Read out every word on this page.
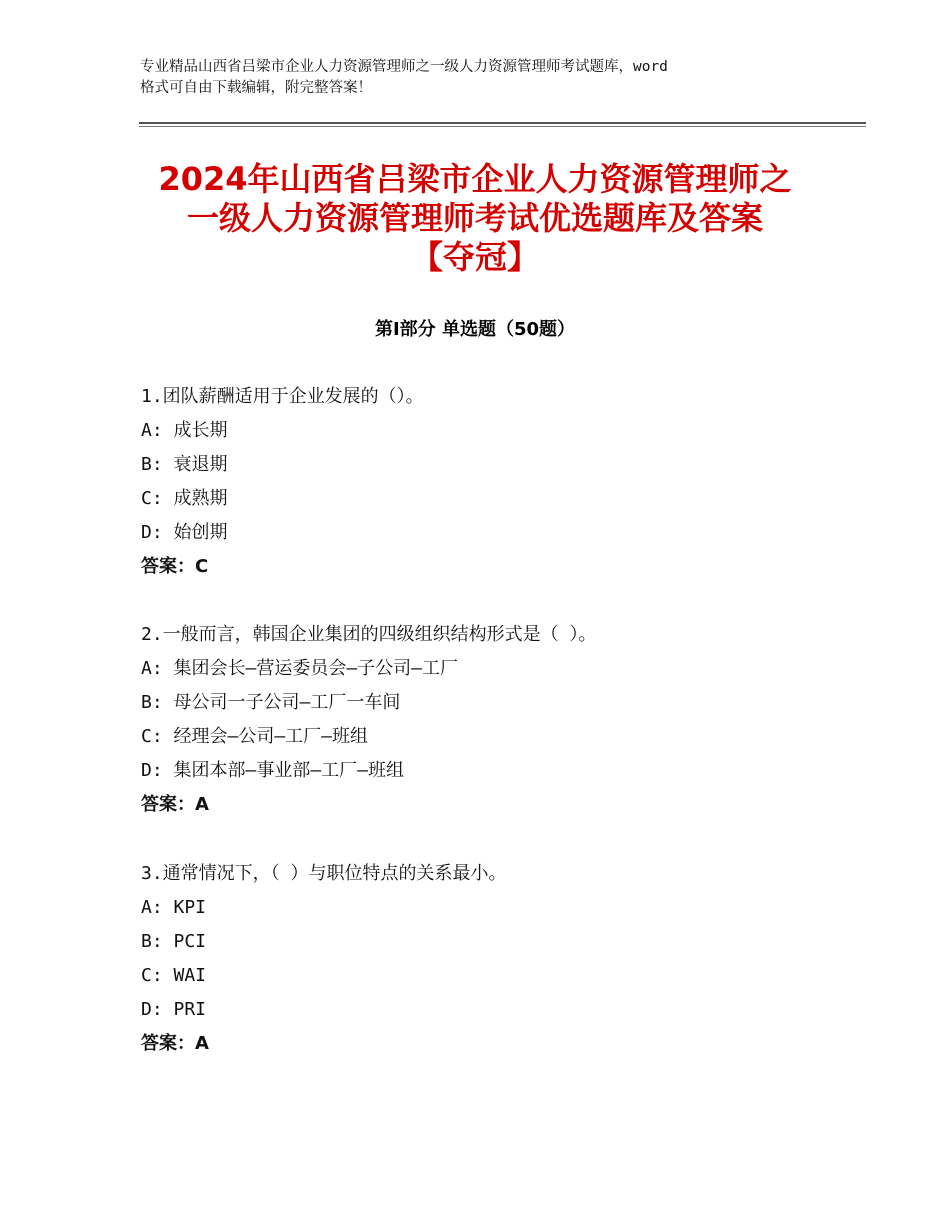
专业精品山西省吕梁市企业人力资源管理师之一级人力资源管理师考试题库，word
格式可自由下载编辑，附完整答案！
2024年山西省吕梁市企业人力资源管理师之
一级人力资源管理师考试优选题库及答案
【夺冠】
第Ⅰ部分 单选题（50题）
1.团队薪酬适用于企业发展的（）。
A: 成长期
B: 衰退期
C: 成熟期
D: 始创期
答案：C
2.一般而言，韩国企业集团的四级组织结构形式是（ ）。
A: 集团会长—营运委员会—子公司—工厂
B: 母公司一子公司—工厂一车间
C: 经理会—公司—工厂—班组
D: 集团本部—事业部—工厂—班组
答案：A
3.通常情况下，（ ）与职位特点的关系最小。
A: KPI
B: PCI
C: WAI
D: PRI
答案：A
